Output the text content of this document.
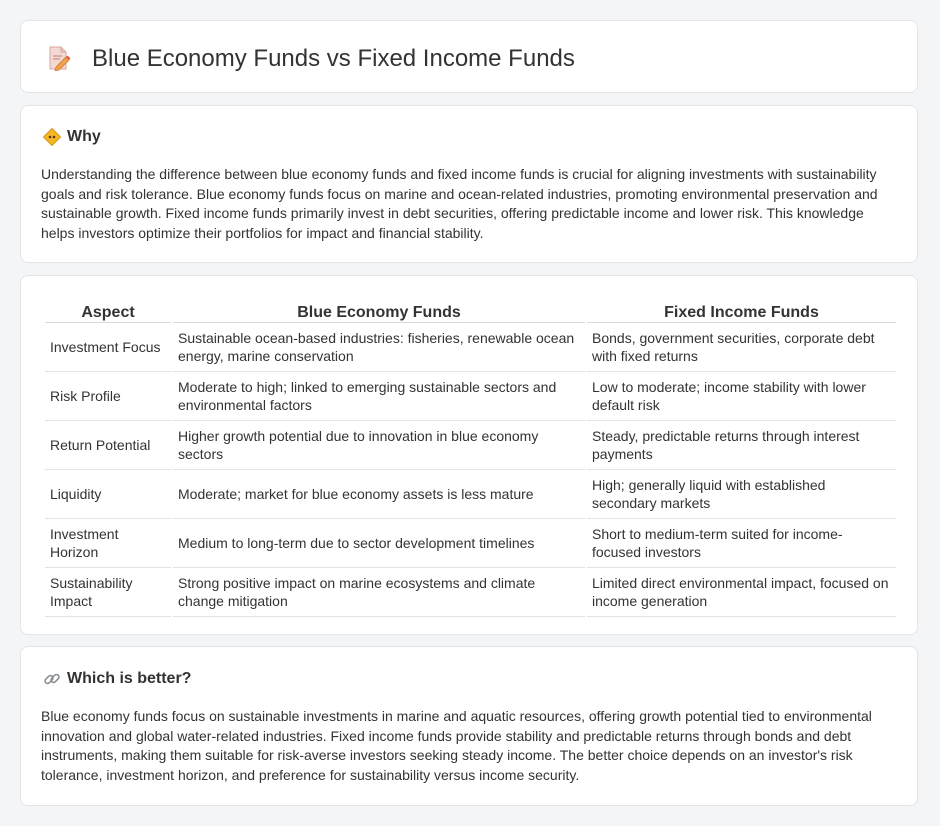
Blue Economy Funds vs Fixed Income Funds
Why

Understanding the difference between blue economy funds and fixed income funds is crucial for aligning investments with sustainability goals and risk tolerance. Blue economy funds focus on marine and ocean-related industries, promoting environmental preservation and sustainable growth. Fixed income funds primarily invest in debt securities, offering predictable income and lower risk. This knowledge helps investors optimize their portfolios for impact and financial stability.

Aspect	Blue Economy Funds	Fixed Income Funds
Investment Focus	Sustainable ocean-based industries: fisheries, renewable ocean energy, marine conservation	Bonds, government securities, corporate debt with fixed returns
Risk Profile	Moderate to high; linked to emerging sustainable sectors and environmental factors	Low to moderate; income stability with lower default risk
Return Potential	Higher growth potential due to innovation in blue economy sectors	Steady, predictable returns through interest payments
Liquidity	Moderate; market for blue economy assets is less mature	High; generally liquid with established secondary markets
Investment Horizon	Medium to long-term due to sector development timelines	Short to medium-term suited for income-focused investors
Sustainability Impact	Strong positive impact on marine ecosystems and climate change mitigation	Limited direct environmental impact, focused on income generation
Which is better?

Blue economy funds focus on sustainable investments in marine and aquatic resources, offering growth potential tied to environmental innovation and global water-related industries. Fixed income funds provide stability and predictable returns through bonds and debt instruments, making them suitable for risk-averse investors seeking steady income. The better choice depends on an investor's risk tolerance, investment horizon, and preference for sustainability versus income security.
